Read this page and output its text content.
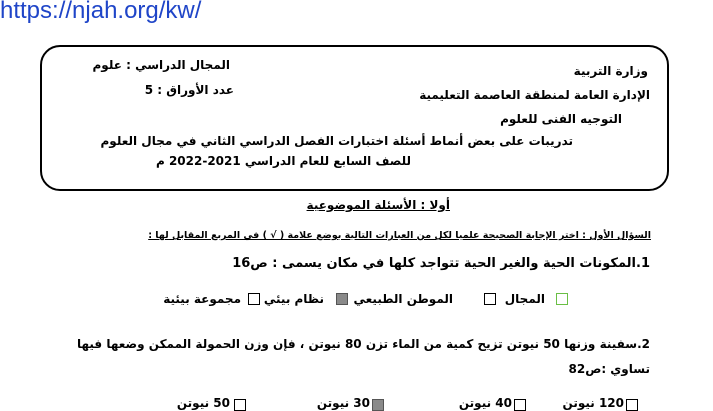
https://njah.org/kw/
وزارة التربية
الإدارة العامة لمنطقة العاصمة التعليمية
التوجيه الفنى للعلوم
المجال الدراسي : علوم
عدد الأوراق : 5
تدريبات على بعض أنماط أسئلة اختبارات الفصل الدراسي الثاني في مجال العلوم
للصف السابع للعام الدراسي 2021-2022 م
أولا : الأسئلة الموضوعية
السؤال الأول : اختر الإجابة الصحيحة علميا لكل من العبارات التالية بوضع علامة ( √ ) في المربع المقابل لها :
1.المكونات الحية والغير الحية تتواجد كلها في مكان يسمى : ص16
المجال
الموطن الطبيعي
نظام بيئي
مجموعة بيئية
2.سفينة وزنها 50 نيوتن تزيح كمية من الماء تزن 80 نيوتن ، فإن وزن الحمولة الممكن وضعها فيها
تساوي :ص82
120 نيوتن
40 نيوتن
30 نيوتن
50 نيوتن
